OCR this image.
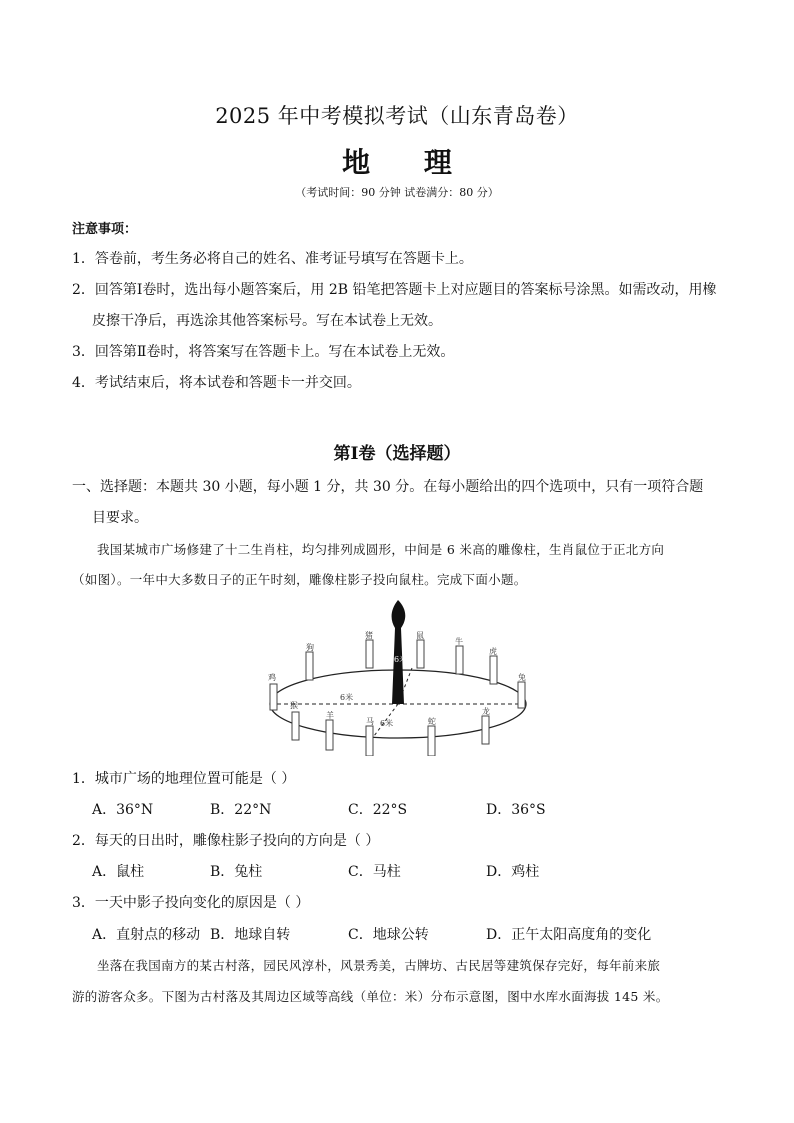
2025 年中考模拟考试（山东青岛卷）
地 理
（考试时间：90 分钟 试卷满分：80 分）
注意事项：
1．答卷前，考生务必将自己的姓名、准考证号填写在答题卡上。
2．回答第Ⅰ卷时，选出每小题答案后，用 2B 铅笔把答题卡上对应题目的答案标号涂黑。如需改动，用橡
皮擦干净后，再选涂其他答案标号。写在本试卷上无效。
3．回答第Ⅱ卷时，将答案写在答题卡上。写在本试卷上无效。
4．考试结束后，将本试卷和答题卡一并交回。
第Ⅰ卷（选择题）
一、选择题：本题共 30 小题，每小题 1 分，共 30 分。在每小题给出的四个选项中，只有一项符合题
目要求。
我国某城市广场修建了十二生肖柱，均匀排列成圆形，中间是 6 米高的雕像柱，生肖鼠位于正北方向
（如图）。一年中大多数日子的正午时刻，雕像柱影子投向鼠柱。完成下面小题。
狗
猪	鼠
牛
虎
兔
鸡
猴
羊
马	蛇
龙
6米
6米
6米
1．城市广场的地理位置可能是（ ）
A．36°N	B．22°N	C．22°S	D．36°S
2．每天的日出时，雕像柱影子投向的方向是（ ）
A．鼠柱	B．兔柱	C．马柱	D．鸡柱
3．一天中影子投向变化的原因是（ ）
A．直射点的移动 B．地球自转	C．地球公转	D．正午太阳高度角的变化
坐落在我国南方的某古村落，园民风淳朴，风景秀美，古牌坊、古民居等建筑保存完好，每年前来旅
游的游客众多。下图为古村落及其周边区域等高线（单位：米）分布示意图，图中水库水面海拔 145 米。
